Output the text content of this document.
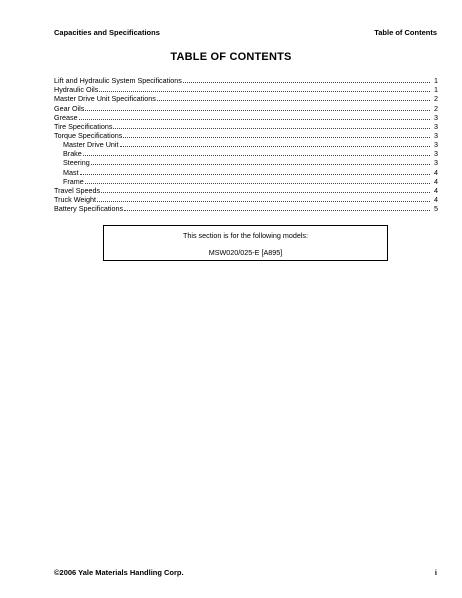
Capacities and Specifications	Table of Contents
TABLE OF CONTENTS
Lift and Hydraulic System Specifications	1
Hydraulic Oils	1
Master Drive Unit Specifications	2
Gear Oils	2
Grease	3
Tire Specifications	3
Torque Specifications	3
Master Drive Unit	3
Brake	3
Steering	3
Mast	4
Frame	4
Travel Speeds	4
Truck Weight	4
Battery Specifications	5
This section is for the following models:
MSW020/025-E [A895]
©2006 Yale Materials Handling Corp.	i
